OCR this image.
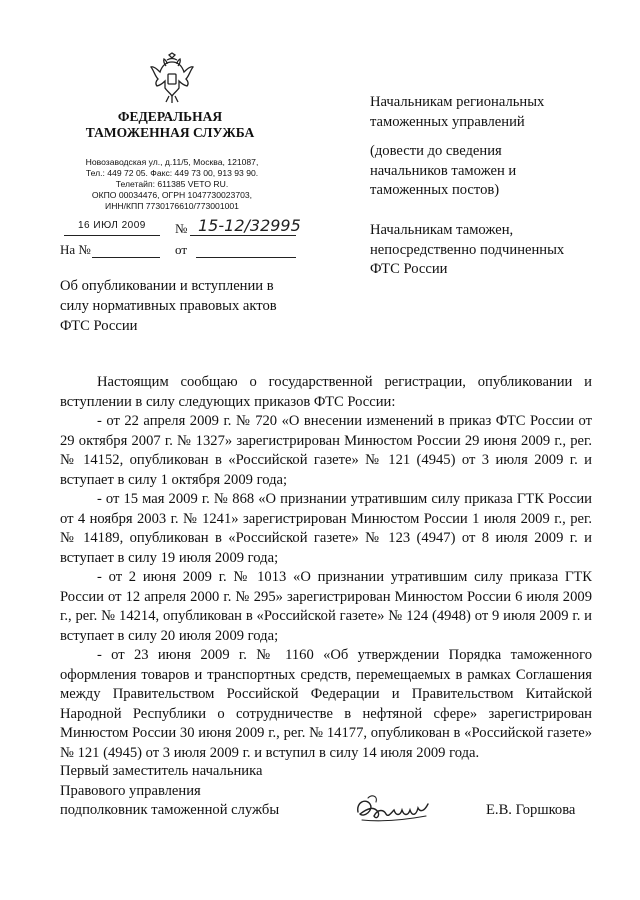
ФЕДЕРАЛЬНАЯ
ТАМОЖЕННАЯ СЛУЖБА
Новозаводская ул., д.11/5, Москва, 121087,
Тел.: 449 72 05. Факс: 449 73 00, 913 93 90.
Телетайп: 611385 VETO RU.
ОКПО 00034476, ОГРН 1047730023703,
ИНН/КПП 7730176610/773001001
16 ИЮЛ 2009 № 15-12/32995
На №	от
Об опубликовании и вступлении в
силу нормативных правовых актов
ФТС России
Начальникам региональных
таможенных управлений
(довести до сведения
начальников таможен и
таможенных постов)
Начальникам таможен,
непосредственно подчиненных
ФТС России

Настоящим сообщаю о государственной регистрации, опубликовании и вступлении в силу следующих приказов ФТС России:

- от 22 апреля 2009 г. № 720 «О внесении изменений в приказ ФТС России от 29 октября 2007 г. № 1327» зарегистрирован Минюстом России 29 июня 2009 г., рег. № 14152, опубликован в «Российской газете» № 121 (4945) от 3 июля 2009 г. и вступает в силу 1 октября 2009 года;

- от 15 мая 2009 г. № 868 «О признании утратившим силу приказа ГТК России от 4 ноября 2003 г. № 1241» зарегистрирован Минюстом России 1 июля 2009 г., рег. № 14189, опубликован в «Российской газете» № 123 (4947) от 8 июля 2009 г. и вступает в силу 19 июля 2009 года;

- от 2 июня 2009 г. № 1013 «О признании утратившим силу приказа ГТК России от 12 апреля 2000 г. № 295» зарегистрирован Минюстом России 6 июля 2009 г., рег. № 14214, опубликован в «Российской газете» № 124 (4948) от 9 июля 2009 г. и вступает в силу 20 июля 2009 года;

- от 23 июня 2009 г. № 1160 «Об утверждении Порядка таможенного оформления товаров и транспортных средств, перемещаемых в рамках Соглашения между Правительством Российской Федерации и Правительством Китайской Народной Республики о сотрудничестве в нефтяной сфере» зарегистрирован Минюстом России 30 июня 2009 г., рег. № 14177, опубликован в «Российской газете» № 121 (4945) от 3 июля 2009 г. и вступил в силу 14 июля 2009 года.

Первый заместитель начальника
Правового управления
подполковник таможенной службы	Е.В. Горшкова
